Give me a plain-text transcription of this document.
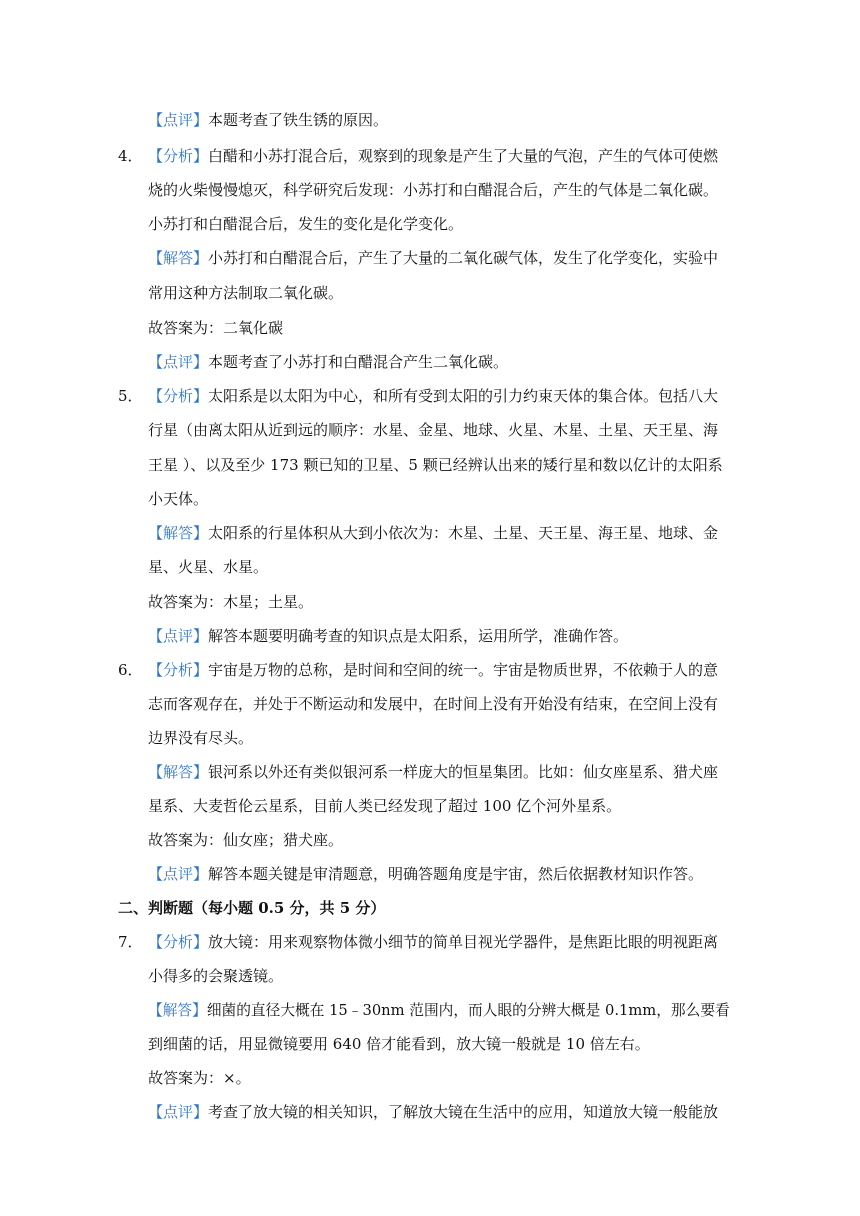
【点评】本题考查了铁生锈的原因。
4． 【分析】白醋和小苏打混合后，观察到的现象是产生了大量的气泡，产生的气体可使燃
烧的火柴慢慢熄灭，科学研究后发现：小苏打和白醋混合后，产生的气体是二氧化碳。
小苏打和白醋混合后，发生的变化是化学变化。
【解答】小苏打和白醋混合后，产生了大量的二氧化碳气体，发生了化学变化，实验中
常用这种方法制取二氧化碳。
故答案为：二氧化碳
【点评】本题考查了小苏打和白醋混合产生二氧化碳。
5． 【分析】太阳系是以太阳为中心，和所有受到太阳的引力约束天体的集合体。包括八大
行星（由离太阳从近到远的顺序：水星、金星、地球、火星、木星、土星、天王星、海
王星 ）、以及至少 173 颗已知的卫星、5 颗已经辨认出来的矮行星和数以亿计的太阳系
小天体。
【解答】太阳系的行星体积从大到小依次为：木星、土星、天王星、海王星、地球、金
星、火星、水星。
故答案为：木星；土星。
【点评】解答本题要明确考查的知识点是太阳系，运用所学，准确作答。
6． 【分析】宇宙是万物的总称，是时间和空间的统一。宇宙是物质世界，不依赖于人的意
志而客观存在，并处于不断运动和发展中，在时间上没有开始没有结束，在空间上没有
边界没有尽头。
【解答】银河系以外还有类似银河系一样庞大的恒星集团。比如：仙女座星系、猎犬座
星系、大麦哲伦云星系，目前人类已经发现了超过 100 亿个河外星系。
故答案为：仙女座；猎犬座。
【点评】解答本题关键是审清题意，明确答题角度是宇宙，然后依据教材知识作答。
二、判断题（每小题 0.5 分，共 5 分）
7． 【分析】放大镜：用来观察物体微小细节的简单目视光学器件，是焦距比眼的明视距离
小得多的会聚透镜。
【解答】细菌的直径大概在 15﹣30nm 范围内，而人眼的分辨大概是 0.1mm，那么要看
到细菌的话，用显微镜要用 640 倍才能看到，放大镜一般就是 10 倍左右。
故答案为：×。
【点评】考查了放大镜的相关知识，了解放大镜在生活中的应用，知道放大镜一般能放
